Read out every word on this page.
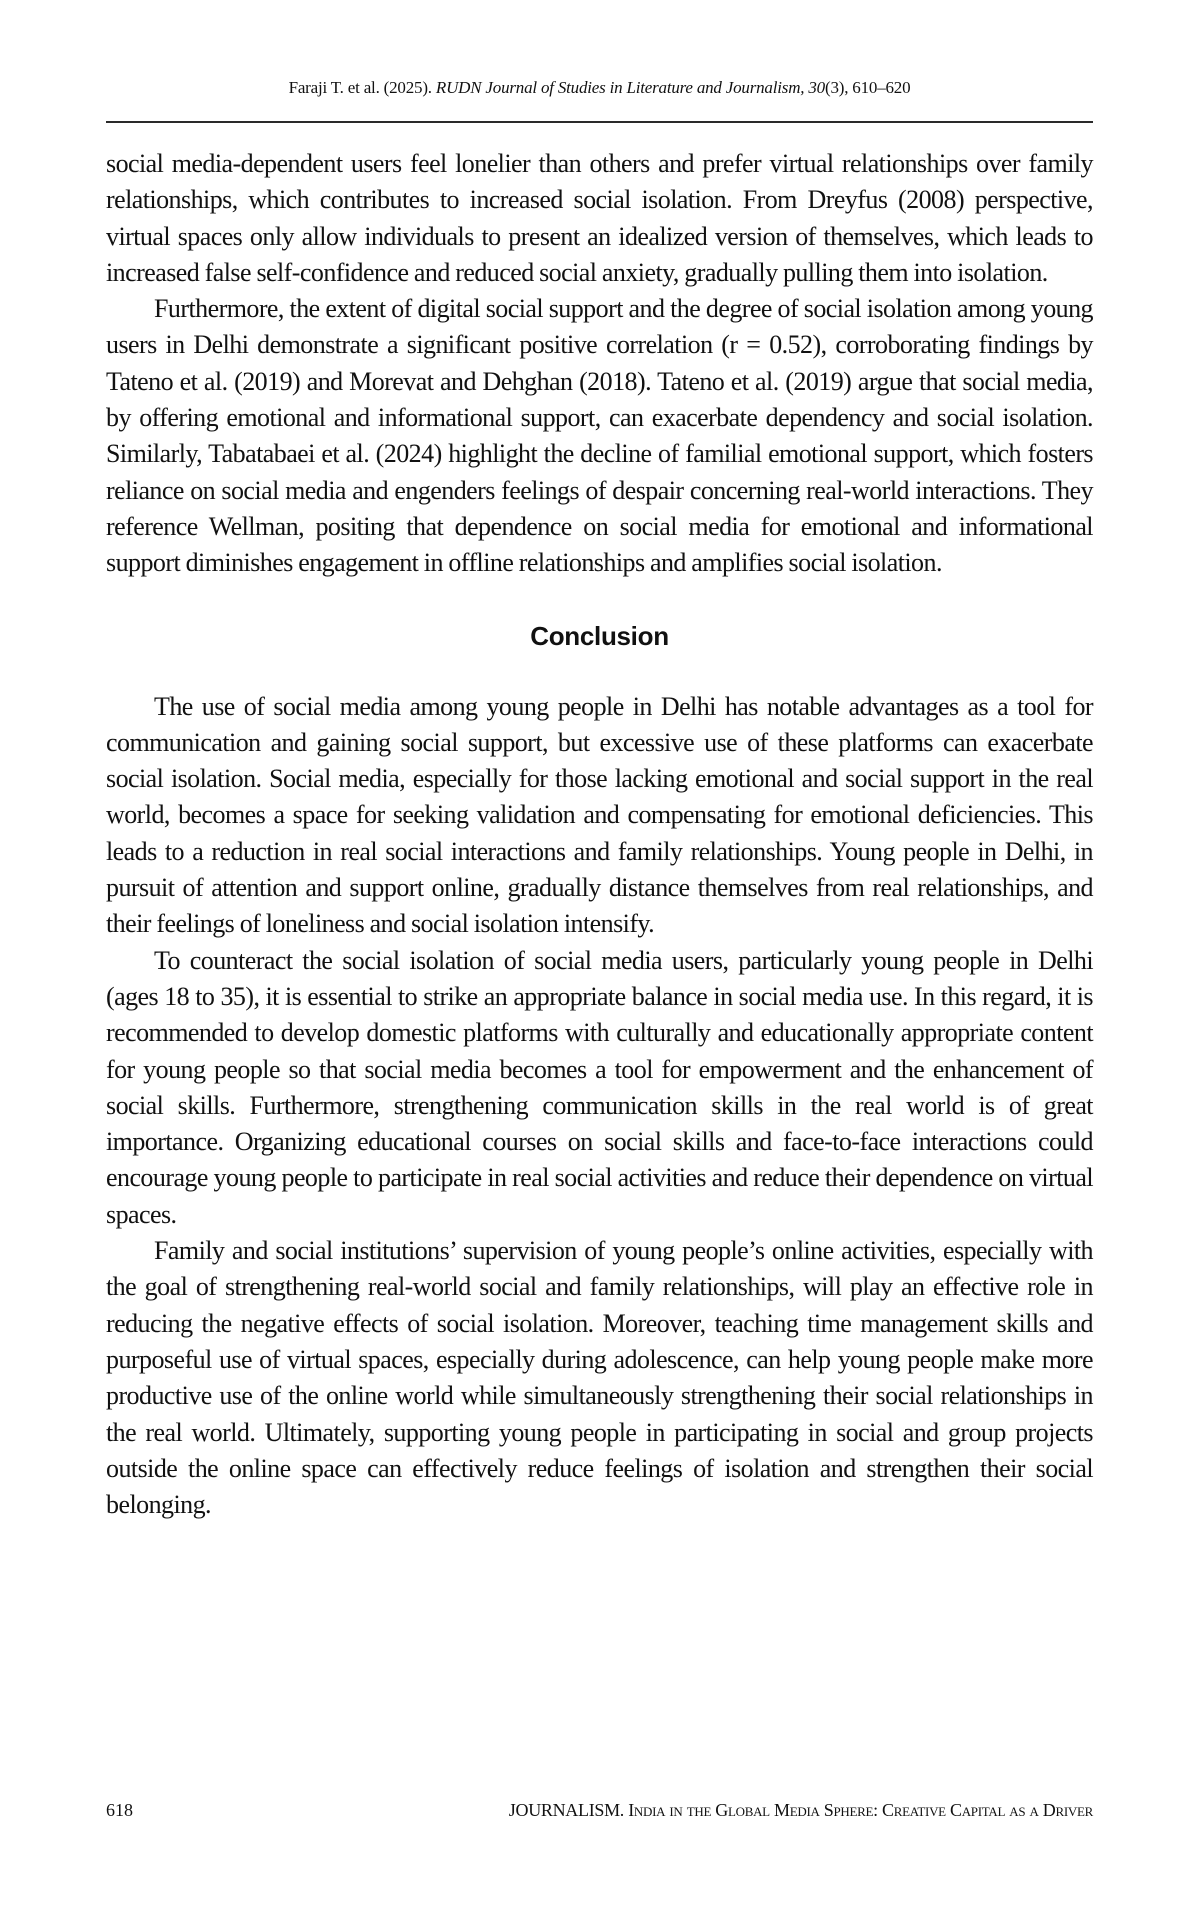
Faraji T. et al. (2025). RUDN Journal of Studies in Literature and Journalism, 30(3), 610–620

social media-dependent users feel lonelier than others and prefer virtual relationships over family relationships, which contributes to increased social isolation. From Dreyfus (2008) perspective, virtual spaces only allow individuals to present an idealized version of themselves, which leads to increased false self-confidence and reduced social anxiety, gradually pulling them into isolation.

Furthermore, the extent of digital social support and the degree of social isolation among young users in Delhi demonstrate a significant positive correlation (r = 0.52), corroborating findings by Tateno et al. (2019) and Morevat and Dehghan (2018). Tateno et al. (2019) argue that social media, by offering emotional and informational support, can exacerbate dependency and social isolation. Similarly, Tabatabaei et al. (2024) highlight the decline of familial emotional support, which fosters reliance on social media and engenders feelings of despair concerning real-world interactions. They reference Wellman, positing that dependence on social media for emotional and informational support diminishes engagement in offline relationships and amplifies social isolation.

Conclusion

The use of social media among young people in Delhi has notable advantages as a tool for communication and gaining social support, but excessive use of these platforms can exacerbate social isolation. Social media, especially for those lacking emotional and social support in the real world, becomes a space for seeking validation and compensating for emotional deficiencies. This leads to a reduction in real social interactions and family relationships. Young people in Delhi, in pursuit of attention and support online, gradually distance themselves from real relationships, and their feelings of loneliness and social isolation intensify.

To counteract the social isolation of social media users, particularly young people in Delhi (ages 18 to 35), it is essential to strike an appropriate balance in social media use. In this regard, it is recommended to develop domestic platforms with culturally and educationally appropriate content for young people so that social media becomes a tool for empowerment and the enhancement of social skills. Furthermore, strengthening communication skills in the real world is of great importance. Organizing educational courses on social skills and face-to-face interactions could encourage young people to participate in real social activities and reduce their dependence on virtual spaces.

Family and social institutions’ supervision of young people’s online activities, especially with the goal of strengthening real-world social and family relationships, will play an effective role in reducing the negative effects of social isolation. Moreover, teaching time management skills and purposeful use of virtual spaces, especially during adolescence, can help young people make more productive use of the online world while simultaneously strengthening their social relationships in the real world. Ultimately, supporting young people in participating in social and group projects outside the online space can effectively reduce feelings of isolation and strengthen their social belonging.

618	JOURNALISM. India in the Global Media Sphere: Creative Capital as a Driver
